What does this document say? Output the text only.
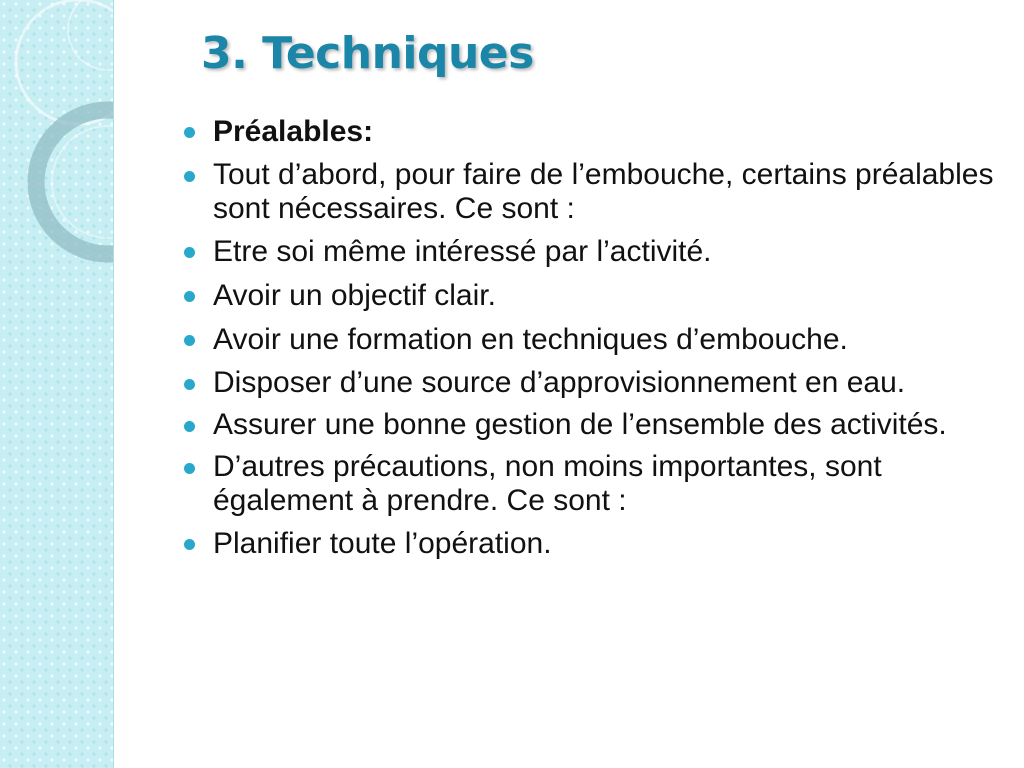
3. Techniques
Préalables:
Tout d’abord, pour faire de l’embouche, certains préalables sont nécessaires. Ce sont :
Etre soi même intéressé par l’activité.
Avoir un objectif clair.
Avoir une formation en techniques d’embouche.
Disposer d’une source d’approvisionnement en eau.
Assurer une bonne gestion de l’ensemble des activités.
D’autres précautions, non moins importantes, sont également à prendre. Ce sont :
Planifier toute l’opération.
